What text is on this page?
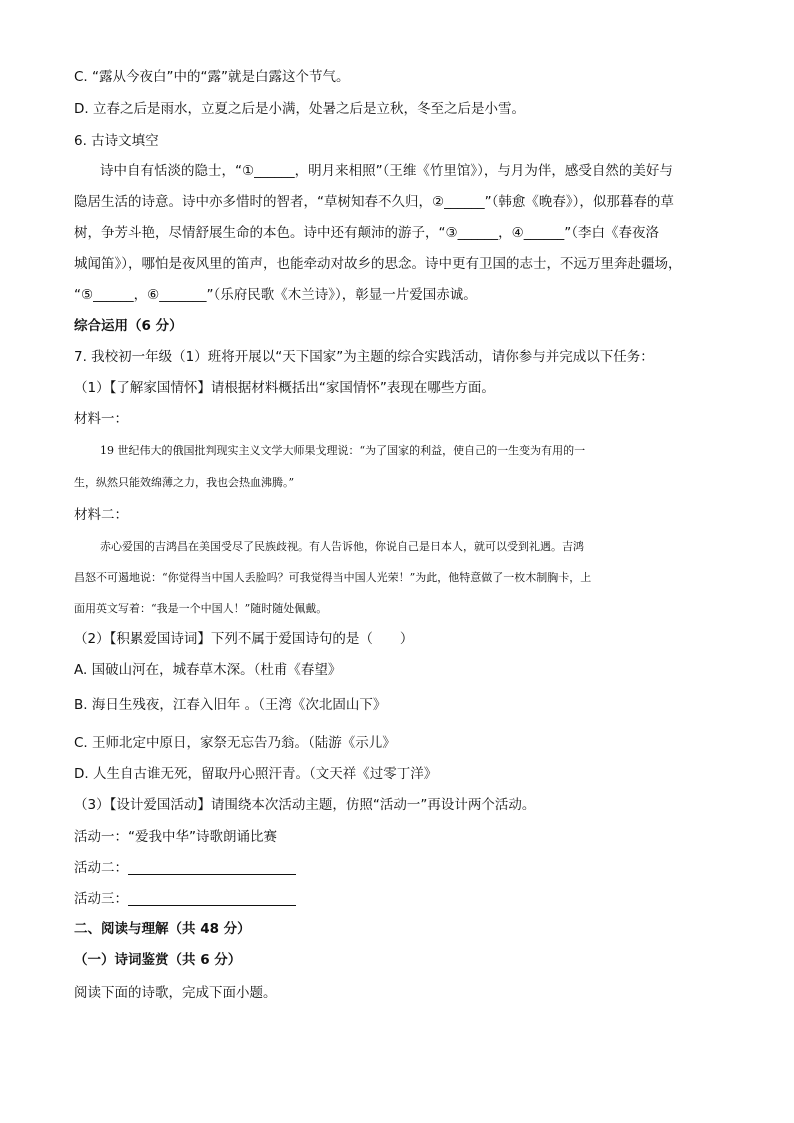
C. “露从今夜白”中的“露”就是白露这个节气。
D. 立春之后是雨水，立夏之后是小满，处暑之后是立秋，冬至之后是小雪。
6. 古诗文填空
诗中自有恬淡的隐士，“①______，明月来相照”（王维《竹里馆》），与月为伴，感受自然的美好与
隐居生活的诗意。诗中亦多惜时的智者，“草树知春不久归，②______”（韩愈《晚春》），似那暮春的草
树，争芳斗艳，尽情舒展生命的本色。诗中还有颠沛的游子，“③______，④______”（李白《春夜洛
城闻笛》），哪怕是夜风里的笛声，也能牵动对故乡的思念。诗中更有卫国的志士，不远万里奔赴疆场，
“⑤______，⑥_______”（乐府民歌《木兰诗》），彰显一片爱国赤诚。
综合运用（6 分）
7. 我校初一年级（1）班将开展以“天下国家”为主题的综合实践活动，请你参与并完成以下任务：
（1）【了解家国情怀】请根据材料概括出“家国情怀”表现在哪些方面。
材料一：
19 世纪伟大的俄国批判现实主义文学大师果戈理说：“为了国家的利益，使自己的一生变为有用的一
生，纵然只能效绵薄之力，我也会热血沸腾。”
材料二：
赤心爱国的吉鸿昌在美国受尽了民族歧视。有人告诉他，你说自己是日本人，就可以受到礼遇。吉鸿
昌怒不可遏地说：“你觉得当中国人丢脸吗？可我觉得当中国人光荣！”为此，他特意做了一枚木制胸卡，上
面用英文写着：“我是一个中国人！”随时随处佩戴。
（2）【积累爱国诗词】下列不属于爱国诗句的是（　　）
A. 国破山河在，城春草木深。（杜甫《春望》
B. 海日生残夜，江春入旧年 。（王湾《次北固山下》
C. 王师北定中原日，家祭无忘告乃翁。（陆游《示儿》
D. 人生自古谁无死，留取丹心照汗青。（文天祥《过零丁洋》
（3）【设计爱国活动】请围绕本次活动主题，仿照“活动一”再设计两个活动。
活动一：“爱我中华”诗歌朗诵比赛
活动二：
活动三：
二、阅读与理解（共 48 分）
（一）诗词鉴赏（共 6 分）
阅读下面的诗歌，完成下面小题。
